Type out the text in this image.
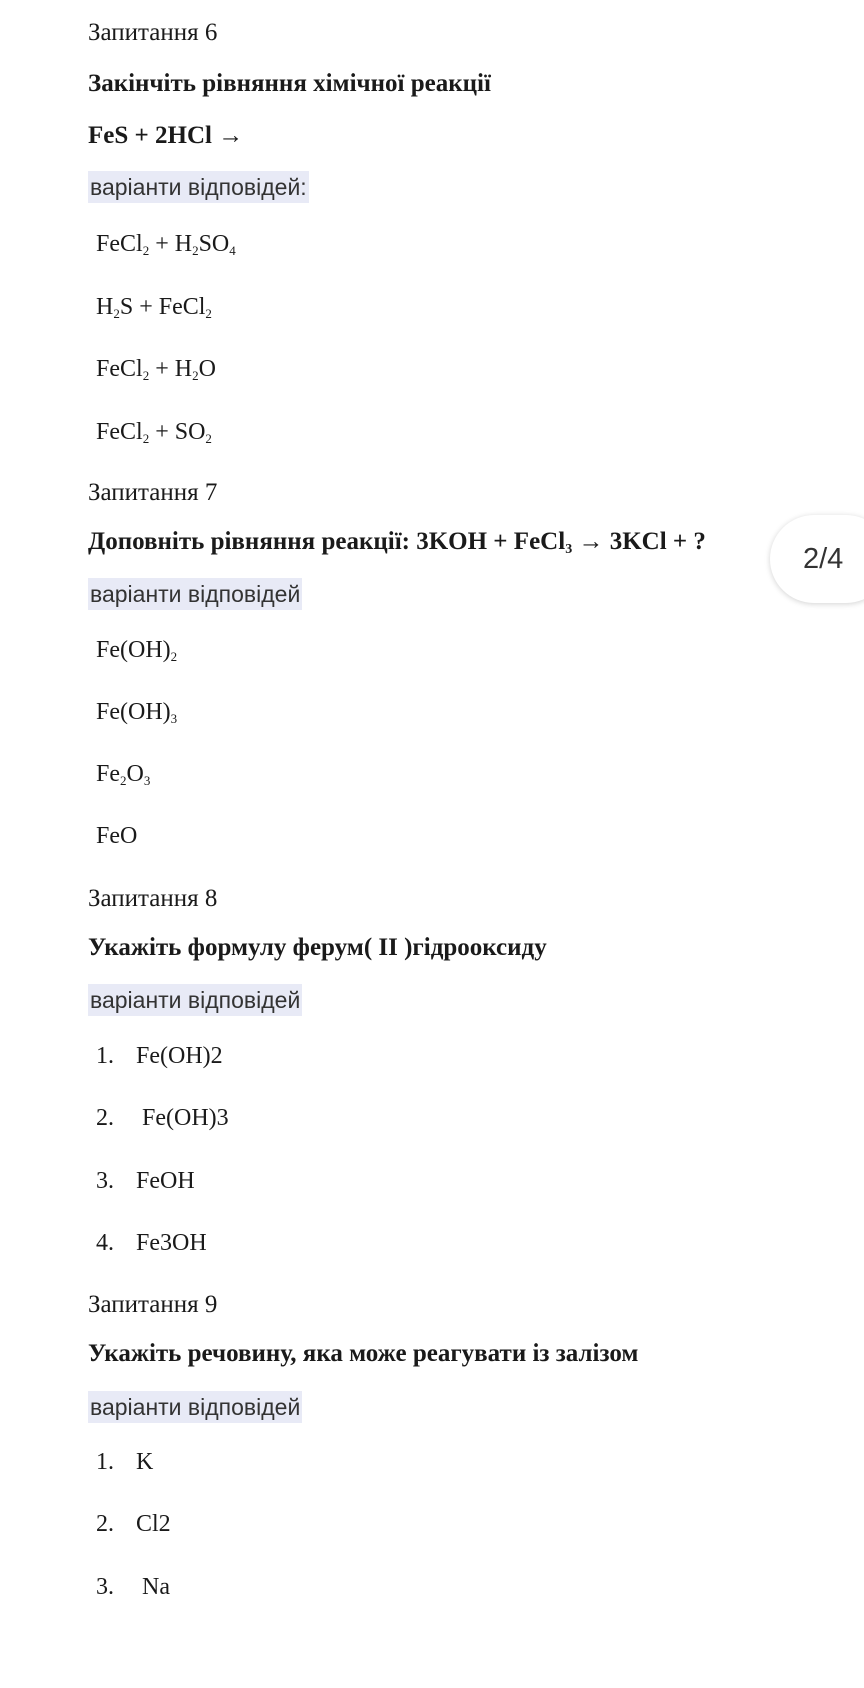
Запитання 6
Закінчіть рівняння хімічної реакції
FeS + 2HCl →
варіанти відповідей:
FeCl$_2$ + $H_2SO_4$
$H_2S$ + FeCl$_2$
FeCl$_2$ + $H_2O$
FeCl$_2$ + $SO_2$
Запитання 7
Доповніть рівняння реакції: 3KOH + FeCl$_3$ → 3KCl + ?
варіанти відповідей
$Fe(OH)_2$
$Fe(OH)_3$
$Fe_2O_3$
FeO
Запитання 8
Укажіть формулу ферум( II )гідрооксиду
варіанти відповідей
1. Fe(OH)2
2. Fe(OH)3
3. FeOH
4. Fe3OH
Запитання 9
Укажіть речовину, яка може реагувати із залізом
варіанти відповідей
1. K
2. Cl2
3. Na
2/4
